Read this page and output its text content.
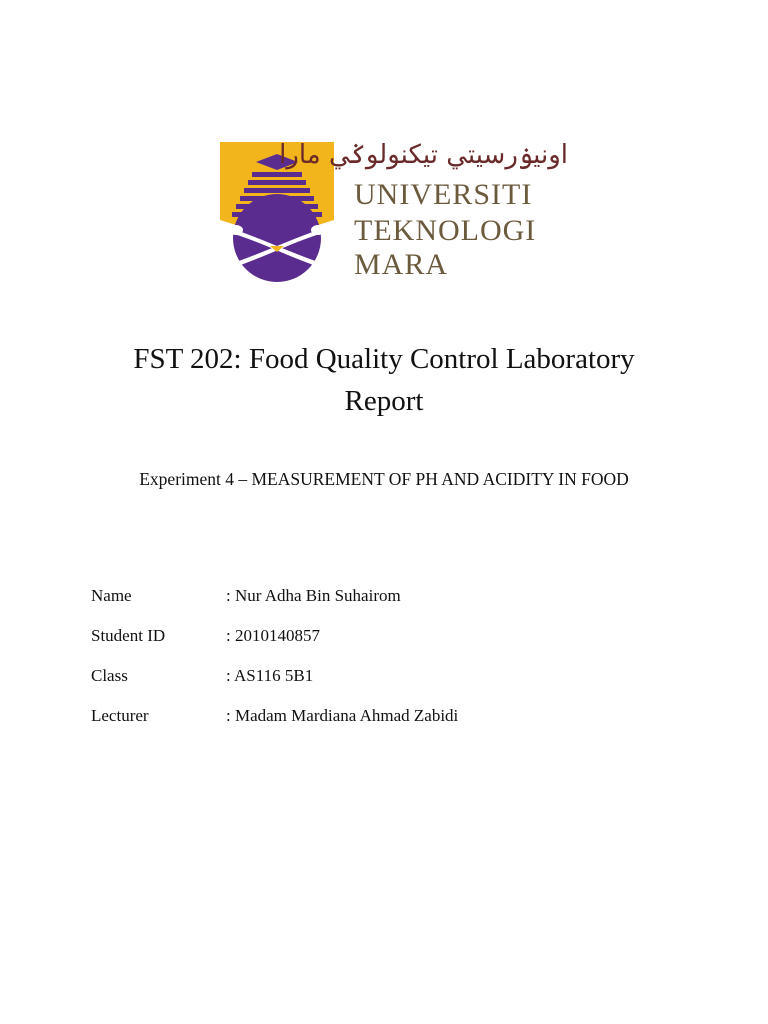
اونيۏرسيتي تيكنولوݢي مارا
UNIVERSITI
TEKNOLOGI
MARA
FST 202: Food Quality Control Laboratory
Report
Experiment 4 – MEASUREMENT OF PH AND ACIDITY IN FOOD
Name	: Nur Adha Bin Suhairom
Student ID	: 2010140857
Class	: AS116 5B1
Lecturer	: Madam Mardiana Ahmad Zabidi
